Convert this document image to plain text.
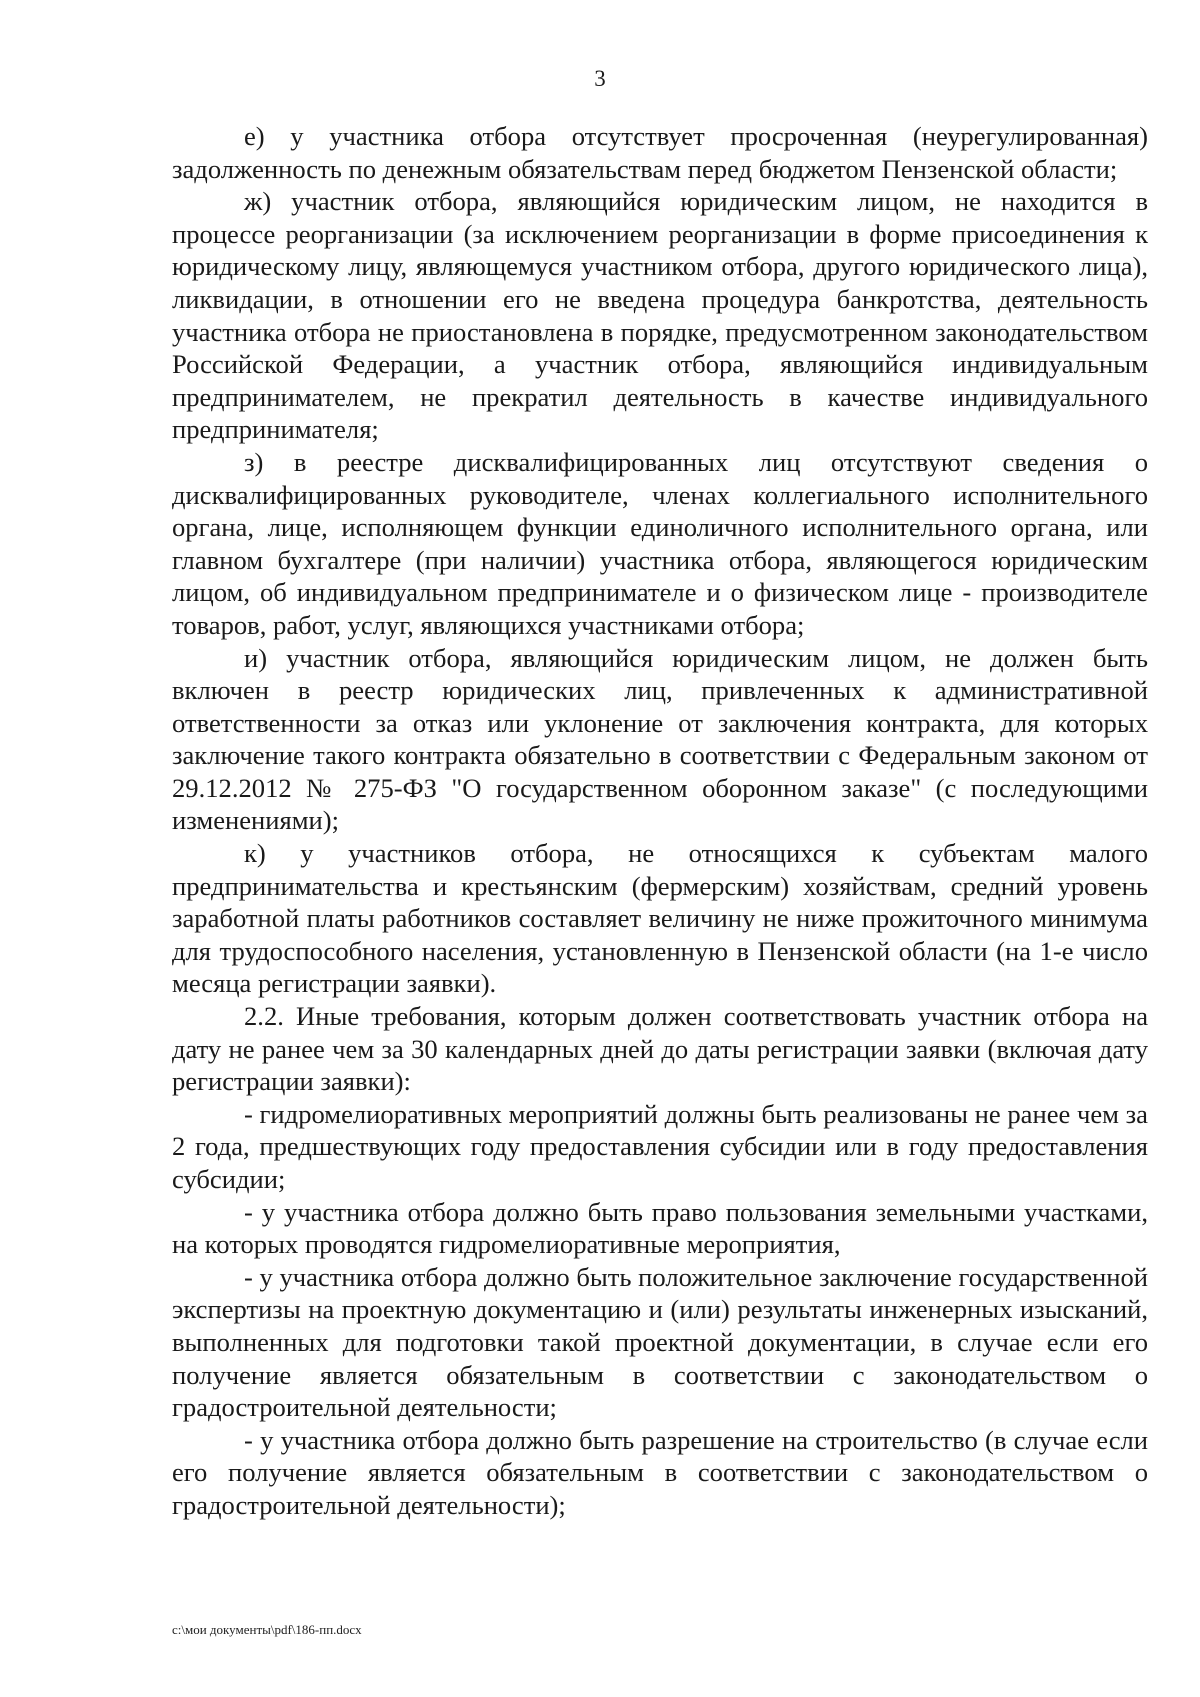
3

е) у участника отбора отсутствует просроченная (неурегулированная) задолженность по денежным обязательствам перед бюджетом Пензенской области;

ж) участник отбора, являющийся юридическим лицом, не находится в процессе реорганизации (за исключением реорганизации в форме присоединения к юридическому лицу, являющемуся участником отбора, другого юридического лица), ликвидации, в отношении его не введена процедура банкротства, деятельность участника отбора не приостановлена в порядке, предусмотренном законодательством Российской Федерации, а участник отбора, являющийся индивидуальным предпринимателем, не прекратил деятельность в качестве индивидуального предпринимателя;

з) в реестре дисквалифицированных лиц отсутствуют сведения о дисквалифицированных руководителе, членах коллегиального исполнительного органа, лице, исполняющем функции единоличного исполнительного органа, или главном бухгалтере (при наличии) участника отбора, являющегося юридическим лицом, об индивидуальном предпринимателе и о физическом лице - производителе товаров, работ, услуг, являющихся участниками отбора;

и) участник отбора, являющийся юридическим лицом, не должен быть включен в реестр юридических лиц, привлеченных к административной ответственности за отказ или уклонение от заключения контракта, для которых заключение такого контракта обязательно в соответствии с Федеральным законом от 29.12.2012 № 275-ФЗ "О государственном оборонном заказе" (с последующими изменениями);

к) у участников отбора, не относящихся к субъектам малого предпринимательства и крестьянским (фермерским) хозяйствам, средний уровень заработной платы работников составляет величину не ниже прожиточного минимума для трудоспособного населения, установленную в Пензенской области (на 1-е число месяца регистрации заявки).

2.2. Иные требования, которым должен соответствовать участник отбора на дату не ранее чем за 30 календарных дней до даты регистрации заявки (включая дату регистрации заявки):

- гидромелиоративных мероприятий должны быть реализованы не ранее чем за 2 года, предшествующих году предоставления субсидии или в году предоставления субсидии;

- у участника отбора должно быть право пользования земельными участками, на которых проводятся гидромелиоративные мероприятия,

- у участника отбора должно быть положительное заключение государственной экспертизы на проектную документацию и (или) результаты инженерных изысканий, выполненных для подготовки такой проектной документации, в случае если его получение является обязательным в соответствии с законодательством о градостроительной деятельности;

- у участника отбора должно быть разрешение на строительство (в случае если его получение является обязательным в соответствии с законодательством о градостроительной деятельности);

c:\мои документы\pdf\186-пп.docx
